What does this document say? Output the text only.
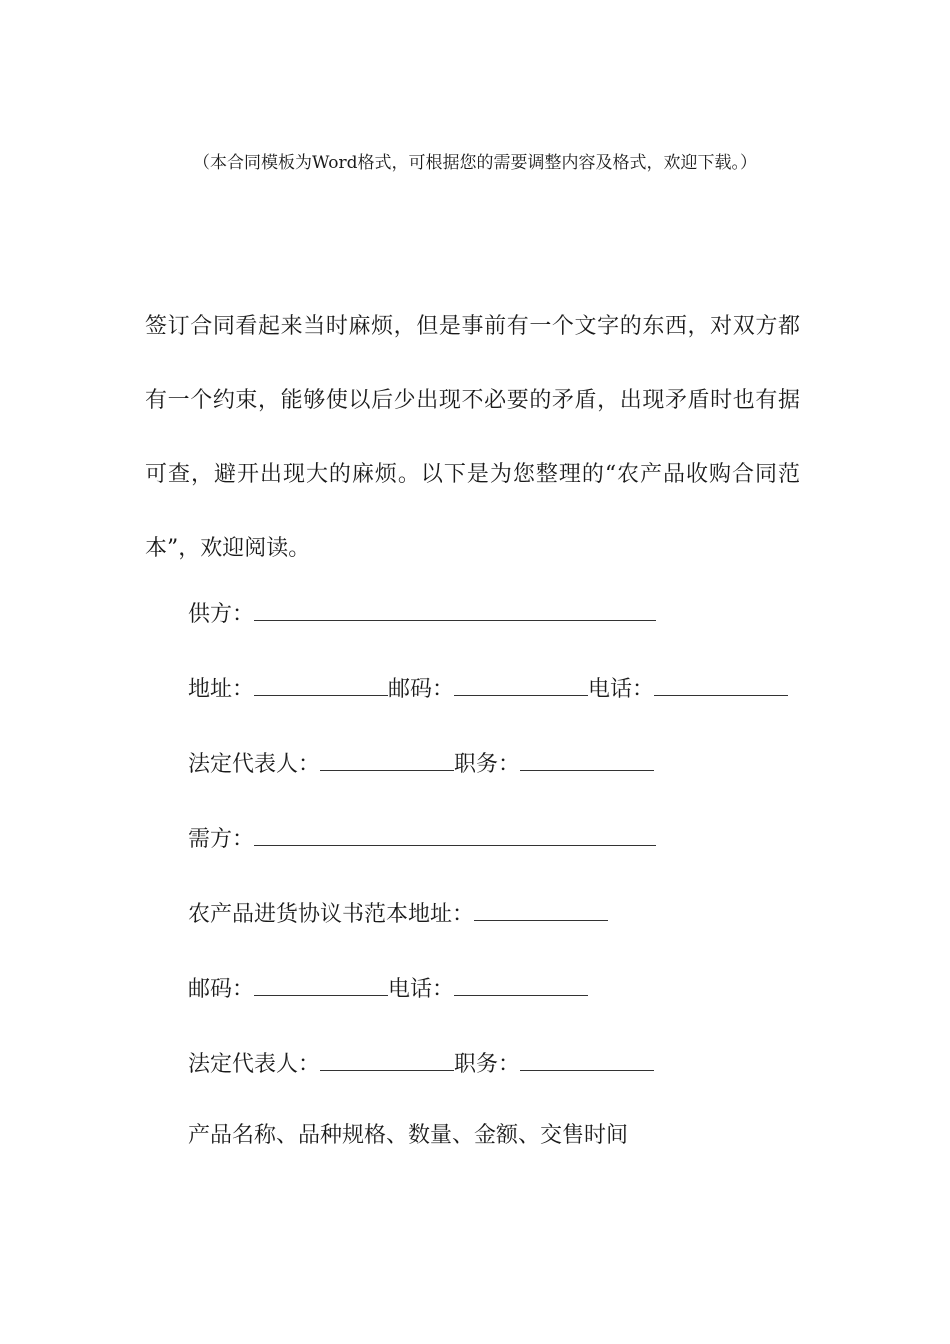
（本合同模板为Word格式，可根据您的需要调整内容及格式，欢迎下载。）
签订合同看起来当时麻烦，但是事前有一个文字的东西，对双方都有一个约束，能够使以后少出现不必要的矛盾，出现矛盾时也有据可查，避开出现大的麻烦。以下是为您整理的“农产品收购合同范本”，欢迎阅读。
供方：
地址：	邮码：	电话：
法定代表人：	职务：
需方：
农产品进货协议书范本地址：
邮码：	电话：
法定代表人：	职务：
产品名称、品种规格、数量、金额、交售时间
